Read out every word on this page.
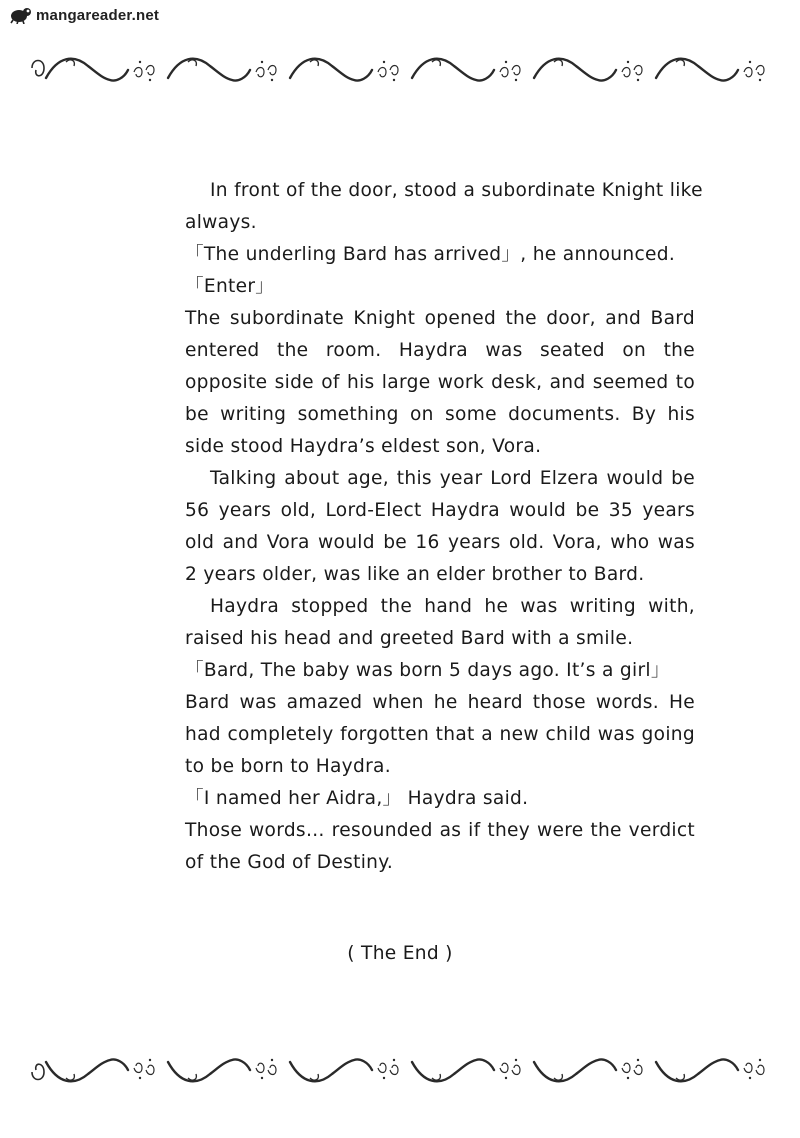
mangareader.net
In front of the door, stood a subordinate Knight like
always.
「The underling Bard has arrived」, he announced.
「Enter」
The subordinate Knight opened the door, and Bard
entered the room. Haydra was seated on the
opposite side of his large work desk, and seemed to
be writing something on some documents. By his
side stood Haydra’s eldest son, Vora.
Talking about age, this year Lord Elzera would be
56 years old, Lord-Elect Haydra would be 35 years
old and Vora would be 16 years old. Vora, who was
2 years older, was like an elder brother to Bard.
Haydra stopped the hand he was writing with,
raised his head and greeted Bard with a smile.
「Bard, The baby was born 5 days ago. It’s a girl」
Bard was amazed when he heard those words. He
had completely forgotten that a new child was going
to be born to Haydra.
「I named her Aidra,」 Haydra said.
Those words… resounded as if they were the verdict
of the God of Destiny.
( The End )
